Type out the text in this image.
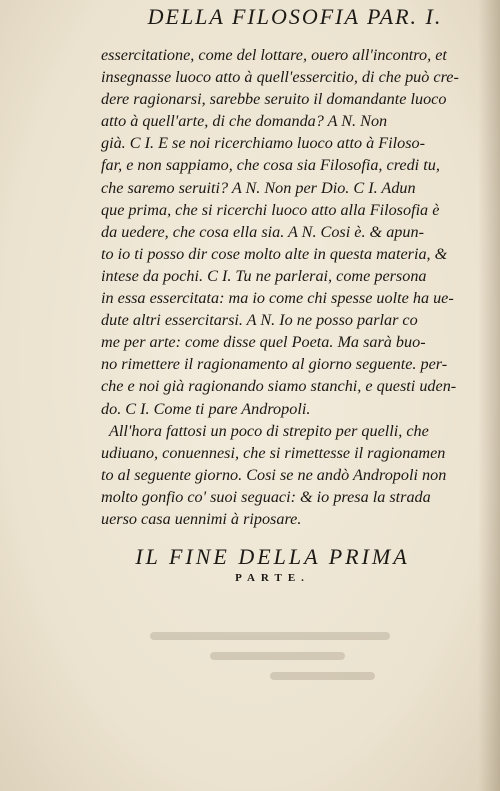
DELLA FILOSOFIA PAR. I.
essercitatione, come del lottare, ouero all'incontro, et
insegnasse luoco atto à quell'essercitio, di che può cre-
dere ragionarsi, sarebbe seruito il domandante luoco
atto à quell'arte, di che domanda? A N. Non
già. C I. E se noi ricerchiamo luoco atto à Filoso-
far, e non sappiamo, che cosa sia Filosofia, credi tu,
che saremo seruiti? A N. Non per Dio. C I. Adun
que prima, che si ricerchi luoco atto alla Filosofia è
da uedere, che cosa ella sia. A N. Cosi è. & apun-
to io ti posso dir cose molto alte in questa materia, &
intese da pochi. C I. Tu ne parlerai, come persona
in essa essercitata: ma io come chi spesse uolte ha ue-
dute altri essercitarsi. A N. Io ne posso parlar co
me per arte: come disse quel Poeta. Ma sarà buo-
no rimettere il ragionamento al giorno seguente. per-
che e noi già ragionando siamo stanchi, e questi uden-
do. C I. Come ti pare Andropoli.
All'hora fattosi un poco di strepito per quelli, che
udiuano, conuennesi, che si rimettesse il ragionamen
to al seguente giorno. Cosi se ne andò Andropoli non
molto gonfio co' suoi seguaci: & io presa la strada
uerso casa uennimi à riposare.
IL FINE DELLA PRIMA
PARTE.
